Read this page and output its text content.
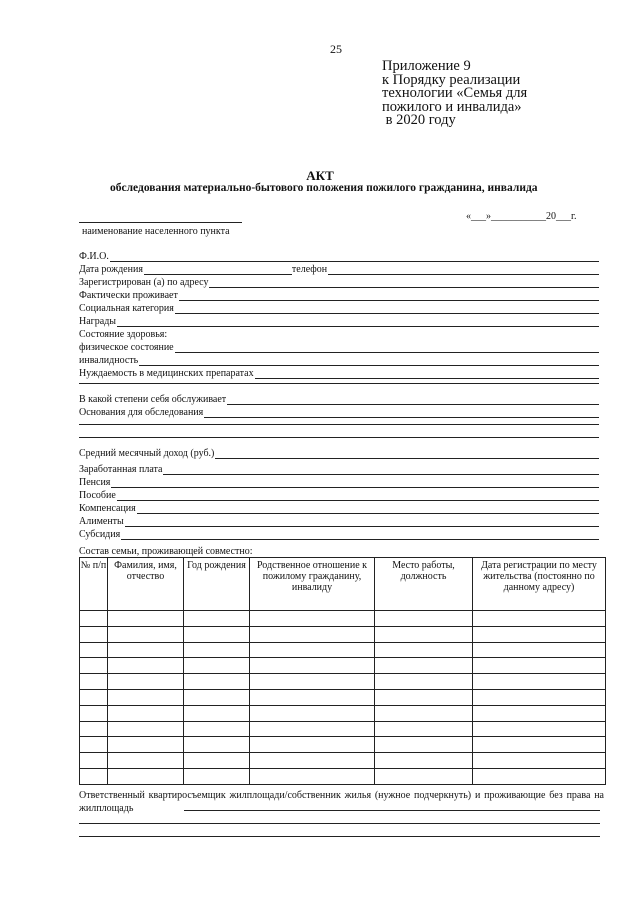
25
Приложение 9
к Порядку реализации
технологии «Семья для
пожилого и инвалида»
в 2020 году
АКТ
обследования материально-бытового положения пожилого гражданина, инвалида
наименование населенного пункта
«___»___________20___г.
Ф.И.О.
Дата рождения	телефон
Зарегистрирован (а) по адресу
Фактически проживает
Социальная категория
Награды
Состояние здоровья:
физическое состояние
инвалидность
Нуждаемость в медицинских препаратах
В какой степени себя обслуживает
Основания для обследования
Средний месячный доход (руб.)
Заработанная плата
Пенсия
Пособие
Компенсация
Алименты
Субсидия
Состав семьи, проживающей совместно:
№ п/п	Фамилия, имя, отчество	Год рождения	Родственное отношение к пожилому гражданину, инвалиду	Место работы, должность	Дата регистрации по месту жительства (постоянно по данному адресу)

Ответственный квартиросъемщик жилплощади/собственник жилья (нужное подчеркнуть) и проживающие без права на жилплощадь
